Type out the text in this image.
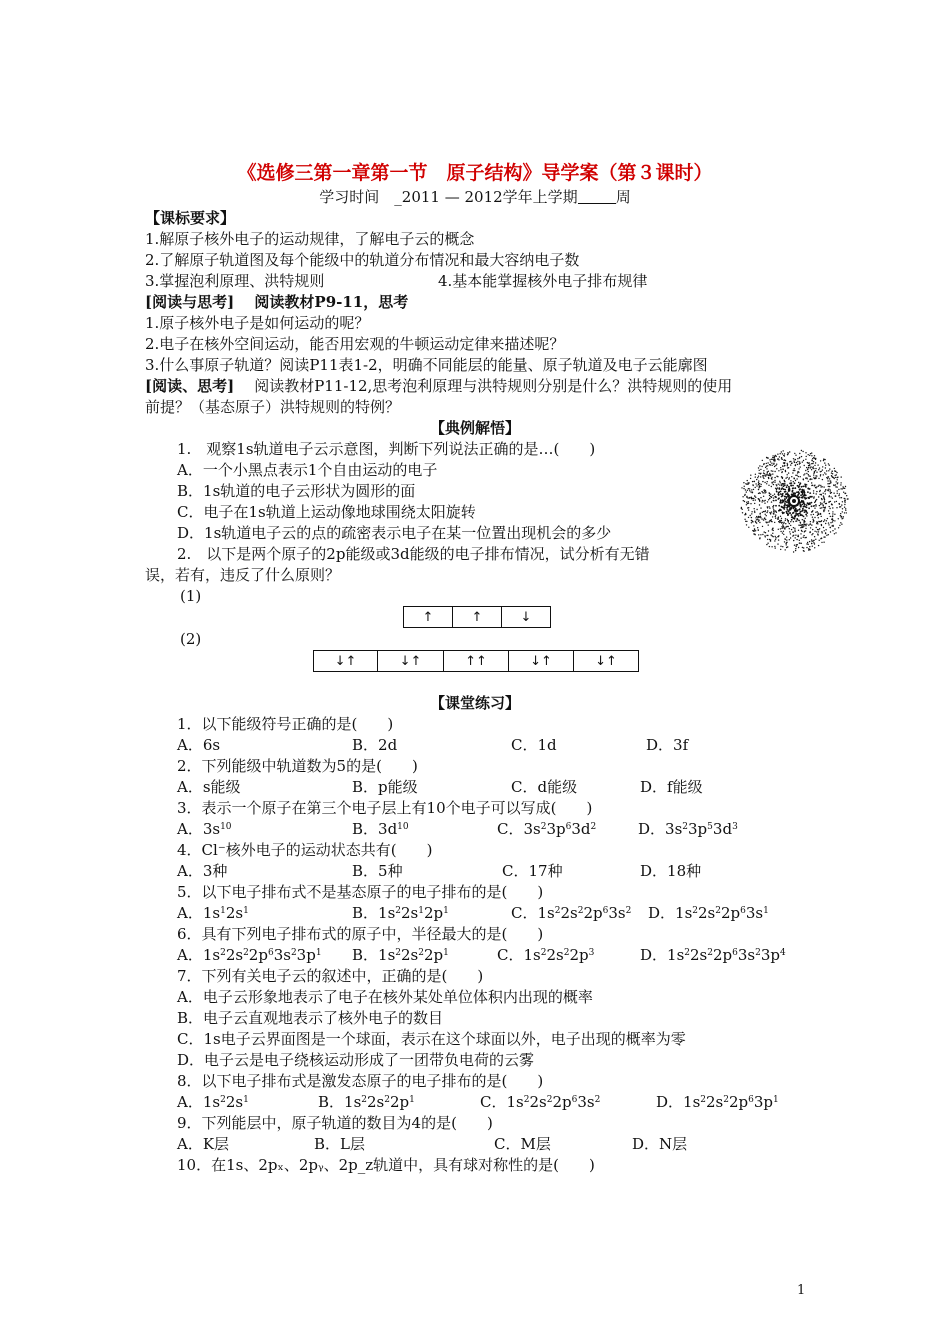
《选修三第一章第一节　原子结构》导学案（第３课时）
学习时间　_2011 — 2012学年上学期	周
【课标要求】
1.解原子核外电子的运动规律，了解电子云的概念
2.了解原子轨道图及每个能级中的轨道分布情况和最大容纳电子数
3.掌握泡利原理、洪特规则	4.基本能掌握核外电子排布规律
[阅读与思考]　 阅读教材P9-11，思考
1.原子核外电子是如何运动的呢？
2.电子在核外空间运动，能否用宏观的牛顿运动定律来描述呢？
3.什么事原子轨道？阅读P11表1-2，明确不同能层的能量、原子轨道及电子云能廓图
[阅读、思考] 阅读教材P11-12,思考泡利原理与洪特规则分别是什么？洪特规则的使用
前提？（基态原子）洪特规则的特例？
【典例解悟】
1.　观察1s轨道电子云示意图，判断下列说法正确的是…(　　)
A．一个小黑点表示1个自由运动的电子
B．1s轨道的电子云形状为圆形的面
C．电子在1s轨道上运动像地球围绕太阳旋转
D．1s轨道电子云的点的疏密表示电子在某一位置出现机会的多少
2.　以下是两个原子的2p能级或3d能级的电子排布情况，试分析有无错
误，若有，违反了什么原则？
(1)
↑	↑	↓
(2)
↓↑	↓↑	↑↑	↓↑	↓↑
【课堂练习】
1．以下能级符号正确的是(　　)
A．6s	B．2d	C．1d	D．3f
2．下列能级中轨道数为5的是(　　)
A．s能级	B．p能级	C．d能级	D．f能级
3．表示一个原子在第三个电子层上有10个电子可以写成(　　)
A．$3s^{10}$	B．$3d^{10}$	C．$3s^23p^63d^2$	D．$3s^23p^53d^3$
4．Cl⁻核外电子的运动状态共有(　　)
A．3种	B．5种	C．17种	D．18种
5．以下电子排布式不是基态原子的电子排布的是(　　)
A．$1s^12s^1$	B．$1s^22s^12p^1$	C．$1s^22s^22p^63s^2$ D．$1s^22s^22p^63s^1$
6．具有下列电子排布式的原子中，半径最大的是(　　)
A．$1s^22s^22p^63s^23p^1$ B．$1s^22s^22p^1$	C．$1s^22s^22p^3$	D．$1s^22s^22p^63s^23p^4$
7．下列有关电子云的叙述中，正确的是(　　)
A．电子云形象地表示了电子在核外某处单位体积内出现的概率
B．电子云直观地表示了核外电子的数目
C．1s电子云界面图是一个球面，表示在这个球面以外，电子出现的概率为零
D．电子云是电子绕核运动形成了一团带负电荷的云雾
8．以下电子排布式是激发态原子的电子排布的是(　　)
A．$1s^22s^1$	B．$1s^22s^22p^1$	C．$1s^22s^22p^63s^2$	D．$1s^22s^22p^63p^1$
9．下列能层中，原子轨道的数目为4的是(　　)
A．K层	B．L层	C．M层	D．N层
10．在1s、2pₓ、2pᵧ、2p_z轨道中，具有球对称性的是(　　)
1
